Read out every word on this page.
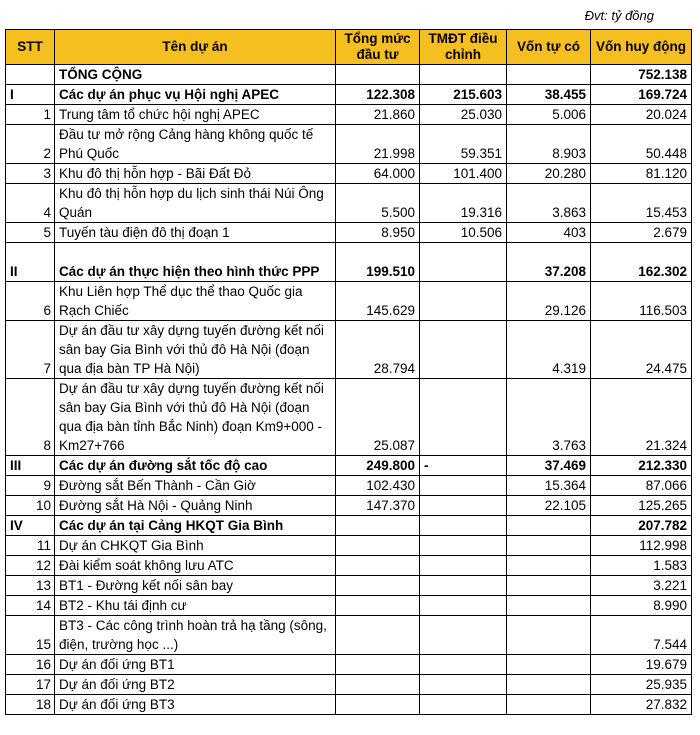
Đvt: tỷ đồng
STT	Tên dự án	Tổng mức đầu tư	TMĐT điều chỉnh	Vốn tự có	Vốn huy động
	TỔNG CỘNG				752.138
I	Các dự án phục vụ Hội nghị APEC	122.308	215.603	38.455	169.724
1	Trung tâm tổ chức hội nghị APEC	21.860	25.030	5.006	20.024
2	Đầu tư mở rộng Cảng hàng không quốc tế Phú Quốc	21.998	59.351	8.903	50.448
3	Khu đô thị hỗn hợp - Bãi Đất Đỏ	64.000	101.400	20.280	81.120
4	Khu đô thị hỗn hợp du lịch sinh thái Núi Ông Quán	5.500	19.316	3.863	15.453
5	Tuyến tàu điện đô thị đoạn 1	8.950	10.506	403	2.679
II	Các dự án thực hiện theo hình thức PPP	199.510		37.208	162.302
6	Khu Liên hợp Thể dục thể thao Quốc gia Rạch Chiếc	145.629		29.126	116.503
7	Dự án đầu tư xây dựng tuyến đường kết nối sân bay Gia Bình với thủ đô Hà Nội (đoạn qua địa bàn TP Hà Nội)	28.794		4.319	24.475
8	Dự án đầu tư xây dựng tuyến đường kết nối sân bay Gia Bình với thủ đô Hà Nội (đoạn qua địa bàn tỉnh Bắc Ninh) đoạn Km9+000 - Km27+766	25.087		3.763	21.324
III	Các dự án đường sắt tốc độ cao	249.800	-	37.469	212.330
9	Đường sắt Bến Thành - Cần Giờ	102.430		15.364	87.066
10	Đường sắt Hà Nội - Quảng Ninh	147.370		22.105	125.265
IV	Các dự án tại Cảng HKQT Gia Bình				207.782
11	Dự án CHKQT Gia Bình				112.998
12	Đài kiểm soát không lưu ATC				1.583
13	BT1 - Đường kết nối sân bay				3.221
14	BT2 - Khu tái định cư				8.990
15	BT3 - Các công trình hoàn trả hạ tầng (sông, điện, trường học ...)				7.544
16	Dự án đối ứng BT1				19.679
17	Dự án đối ứng BT2				25.935
18	Dự án đối ứng BT3				27.832
